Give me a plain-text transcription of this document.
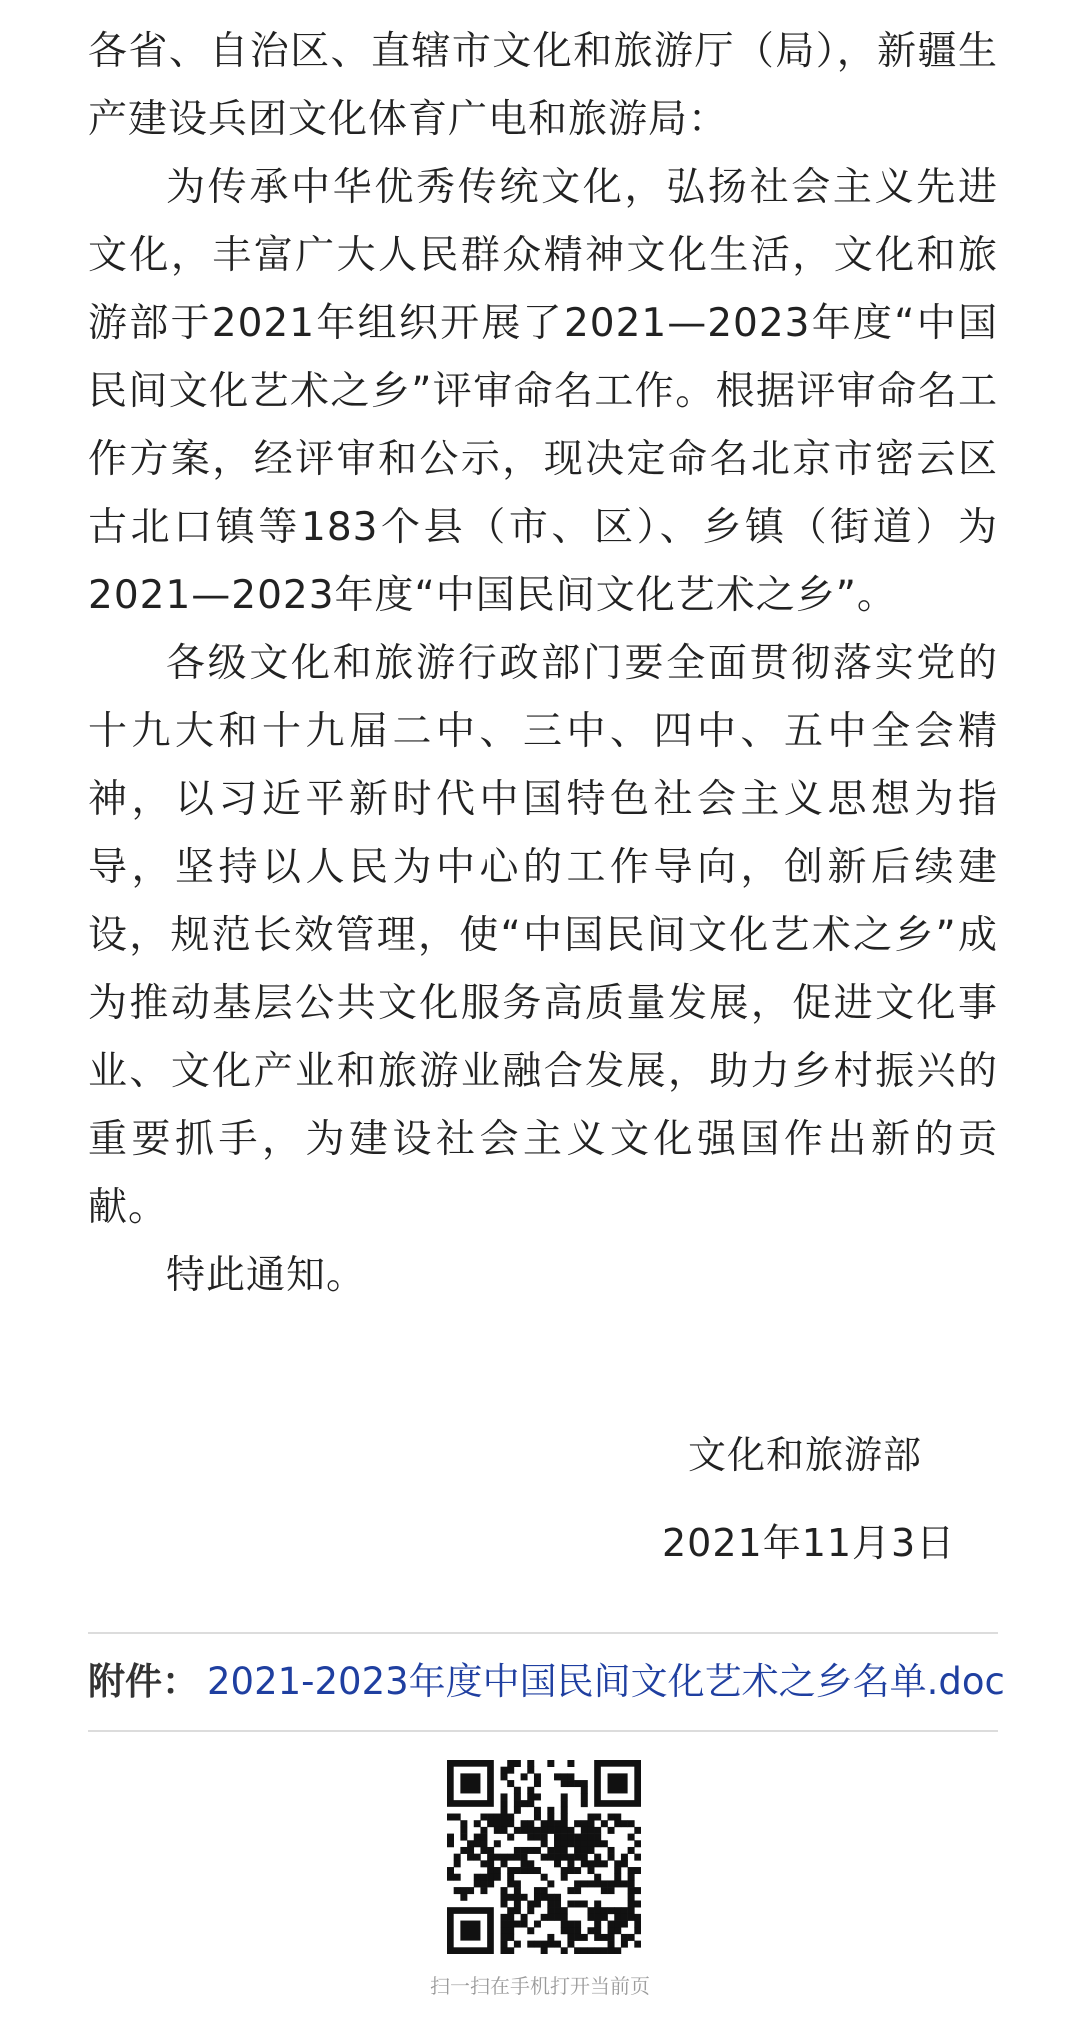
各省、自治区、直辖市文化和旅游厅（局），新疆生产建设兵团文化体育广电和旅游局：

为传承中华优秀传统文化，弘扬社会主义先进文化，丰富广大人民群众精神文化生活，文化和旅游部于2021年组织开展了2021—2023年度“中国民间文化艺术之乡”评审命名工作。根据评审命名工作方案，经评审和公示，现决定命名北京市密云区古北口镇等183个县（市、区）、乡镇（街道）为2021—2023年度“中国民间文化艺术之乡”。

各级文化和旅游行政部门要全面贯彻落实党的十九大和十九届二中、三中、四中、五中全会精神，以习近平新时代中国特色社会主义思想为指导，坚持以人民为中心的工作导向，创新后续建设，规范长效管理，使“中国民间文化艺术之乡”成为推动基层公共文化服务高质量发展，促进文化事业、文化产业和旅游业融合发展，助力乡村振兴的重要抓手，为建设社会主义文化强国作出新的贡献。

特此通知。

文化和旅游部
2021年11月3日
附件： 2021-2023年度中国民间文化艺术之乡名单.doc
扫一扫在手机打开当前页
